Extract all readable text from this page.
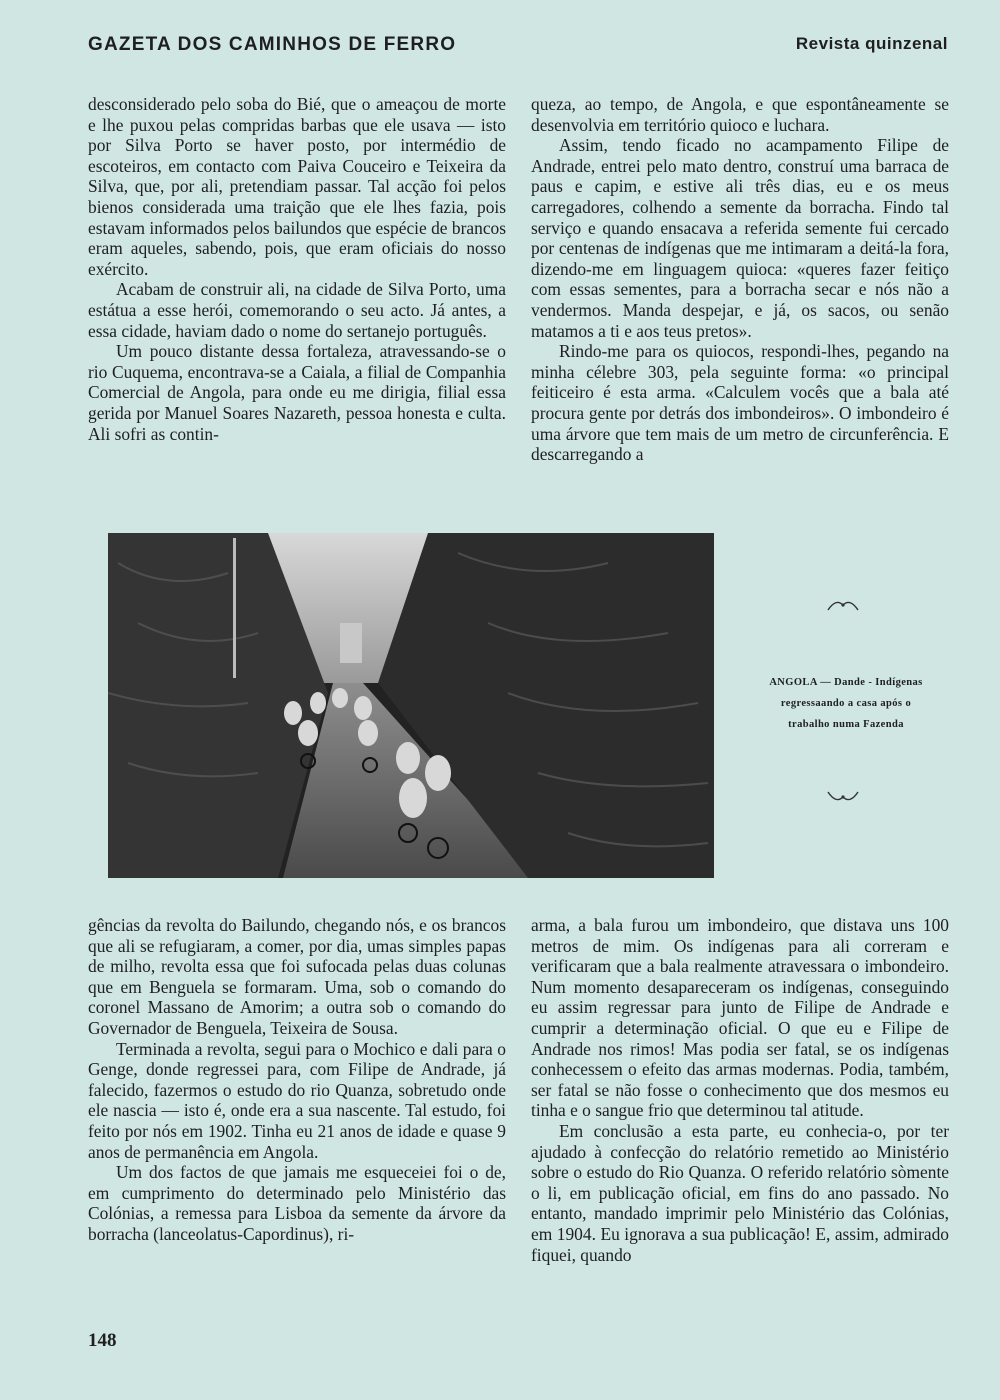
GAZETA DOS CAMINHOS DE FERRO	Revista quinzenal

desconsiderado pelo soba do Bié, que o ameaçou de morte e lhe puxou pelas compridas barbas que ele usava — isto por Silva Porto se haver posto, por intermédio de escoteiros, em contacto com Paiva Couceiro e Teixeira da Silva, que, por ali, pretendiam passar. Tal acção foi pelos bienos considerada uma traição que ele lhes fazia, pois estavam informados pelos bailundos que espécie de brancos eram aqueles, sabendo, pois, que eram oficiais do nosso exército.

Acabam de construir ali, na cidade de Silva Porto, uma estátua a esse herói, comemorando o seu acto. Já antes, a essa cidade, haviam dado o nome do sertanejo português.

Um pouco distante dessa fortaleza, atravessando-se o rio Cuquema, encontrava-se a Caiala, a filial de Companhia Comercial de Angola, para onde eu me dirigia, filial essa gerida por Manuel Soares Nazareth, pessoa honesta e culta. Ali sofri as contin-

queza, ao tempo, de Angola, e que espontâneamente se desenvolvia em território quioco e luchara.

Assim, tendo ficado no acampamento Filipe de Andrade, entrei pelo mato dentro, construí uma barraca de paus e capim, e estive ali três dias, eu e os meus carregadores, colhendo a semente da borracha. Findo tal serviço e quando ensacava a referida semente fui cercado por centenas de indígenas que me intimaram a deitá-la fora, dizendo-me em linguagem quioca: «queres fazer feitiço com essas sementes, para a borracha secar e nós não a vendermos. Manda despejar, e já, os sacos, ou senão matamos a ti e aos teus pretos».

Rindo-me para os quiocos, respondi-lhes, pegando na minha célebre 303, pela seguinte forma: «o principal feiticeiro é esta arma. «Calculem vocês que a bala até procura gente por detrás dos imbondeiros». O imbondeiro é uma árvore que tem mais de um metro de circunferência. E descarregando a

ANGOLA — Dande - Indígenas
regressaando a casa após o
trabalho numa Fazenda

gências da revolta do Bailundo, chegando nós, e os brancos que ali se refugiaram, a comer, por dia, umas simples papas de milho, revolta essa que foi sufocada pelas duas colunas que em Benguela se formaram. Uma, sob o comando do coronel Massano de Amorim; a outra sob o comando do Governador de Benguela, Teixeira de Sousa.

Terminada a revolta, segui para o Mochico e dali para o Genge, donde regressei para, com Filipe de Andrade, já falecido, fazermos o estudo do rio Quanza, sobretudo onde ele nascia — isto é, onde era a sua nascente. Tal estudo, foi feito por nós em 1902. Tinha eu 21 anos de idade e quase 9 anos de permanência em Angola.

Um dos factos de que jamais me esqueceiei foi o de, em cumprimento do determinado pelo Ministério das Colónias, a remessa para Lisboa da semente da árvore da borracha (lanceolatus-Capordinus), ri-

arma, a bala furou um imbondeiro, que distava uns 100 metros de mim. Os indígenas para ali correram e verificaram que a bala realmente atravessara o imbondeiro. Num momento desapareceram os indígenas, conseguindo eu assim regressar para junto de Filipe de Andrade e cumprir a determinação oficial. O que eu e Filipe de Andrade nos rimos! Mas podia ser fatal, se os indígenas conhecessem o efeito das armas modernas. Podia, também, ser fatal se não fosse o conhecimento que dos mesmos eu tinha e o sangue frio que determinou tal atitude.

Em conclusão a esta parte, eu conhecia-o, por ter ajudado à confecção do relatório remetido ao Ministério sobre o estudo do Rio Quanza. O referido relatório sòmente o li, em publicação oficial, em fins do ano passado. No entanto, mandado imprimir pelo Ministério das Colónias, em 1904. Eu ignorava a sua publicação! E, assim, admirado fiquei, quando

148
